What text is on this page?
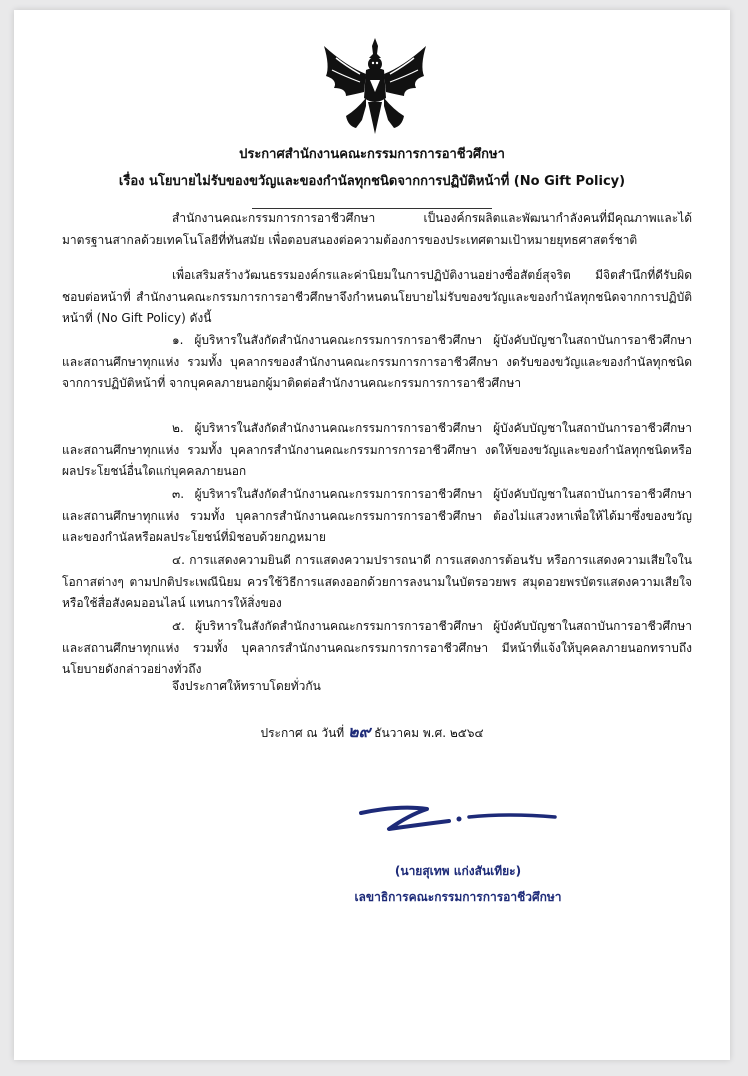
ประกาศสำนักงานคณะกรรมการการอาชีวศึกษา
เรื่อง นโยบายไม่รับของขวัญและของกำนัลทุกชนิดจากการปฏิบัติหน้าที่ (No Gift Policy)

สำนักงานคณะกรรมการการอาชีวศึกษา เป็นองค์กรผลิตและพัฒนากำลังคนที่มีคุณภาพและได้มาตรฐานสากลด้วยเทคโนโลยีที่ทันสมัย เพื่อตอบสนองต่อความต้องการของประเทศตามเป้าหมายยุทธศาสตร์ชาติ

เพื่อเสริมสร้างวัฒนธรรมองค์กรและค่านิยมในการปฏิบัติงานอย่างซื่อสัตย์สุจริต มีจิตสำนึกที่ดีรับผิดชอบต่อหน้าที่ สำนักงานคณะกรรมการการอาชีวศึกษาจึงกำหนดนโยบายไม่รับของขวัญและของกำนัลทุกชนิดจากการปฏิบัติหน้าที่ (No Gift Policy) ดังนี้

๑. ผู้บริหารในสังกัดสำนักงานคณะกรรมการการอาชีวศึกษา ผู้บังคับบัญชาในสถาบันการอาชีวศึกษาและสถานศึกษาทุกแห่ง รวมทั้ง บุคลากรของสำนักงานคณะกรรมการการอาชีวศึกษา งดรับของขวัญและของกำนัลทุกชนิดจากการปฏิบัติหน้าที่ จากบุคคลภายนอกผู้มาติดต่อสำนักงานคณะกรรมการการอาชีวศึกษา

๒. ผู้บริหารในสังกัดสำนักงานคณะกรรมการการอาชีวศึกษา ผู้บังคับบัญชาในสถาบันการอาชีวศึกษาและสถานศึกษาทุกแห่ง รวมทั้ง บุคลากรสำนักงานคณะกรรมการการอาชีวศึกษา งดให้ของขวัญและของกำนัลทุกชนิดหรือผลประโยชน์อื่นใดแก่บุคคลภายนอก

๓. ผู้บริหารในสังกัดสำนักงานคณะกรรมการการอาชีวศึกษา ผู้บังคับบัญชาในสถาบันการอาชีวศึกษาและสถานศึกษาทุกแห่ง รวมทั้ง บุคลากรสำนักงานคณะกรรมการการอาชีวศึกษา ต้องไม่แสวงหาเพื่อให้ได้มาซึ่งของขวัญและของกำนัลหรือผลประโยชน์ที่มิชอบด้วยกฎหมาย

๔. การแสดงความยินดี การแสดงความปรารถนาดี การแสดงการต้อนรับ หรือการแสดงความเสียใจในโอกาสต่างๆ ตามปกติประเพณีนิยม ควรใช้วิธีการแสดงออกด้วยการลงนามในบัตรอวยพร สมุดอวยพรบัตรแสดงความเสียใจ หรือใช้สื่อสังคมออนไลน์ แทนการให้สิ่งของ

๕. ผู้บริหารในสังกัดสำนักงานคณะกรรมการการอาชีวศึกษา ผู้บังคับบัญชาในสถาบันการอาชีวศึกษาและสถานศึกษาทุกแห่ง รวมทั้ง บุคลากรสำนักงานคณะกรรมการการอาชีวศึกษา มีหน้าที่แจ้งให้บุคคลภายนอกทราบถึงนโยบายดังกล่าวอย่างทั่วถึง

จึงประกาศให้ทราบโดยทั่วกัน
ประกาศ ณ วันที่ ๒๙ ธันวาคม พ.ศ. ๒๕๖๔
(นายสุเทพ แก่งสันเทียะ)
เลขาธิการคณะกรรมการการอาชีวศึกษา
